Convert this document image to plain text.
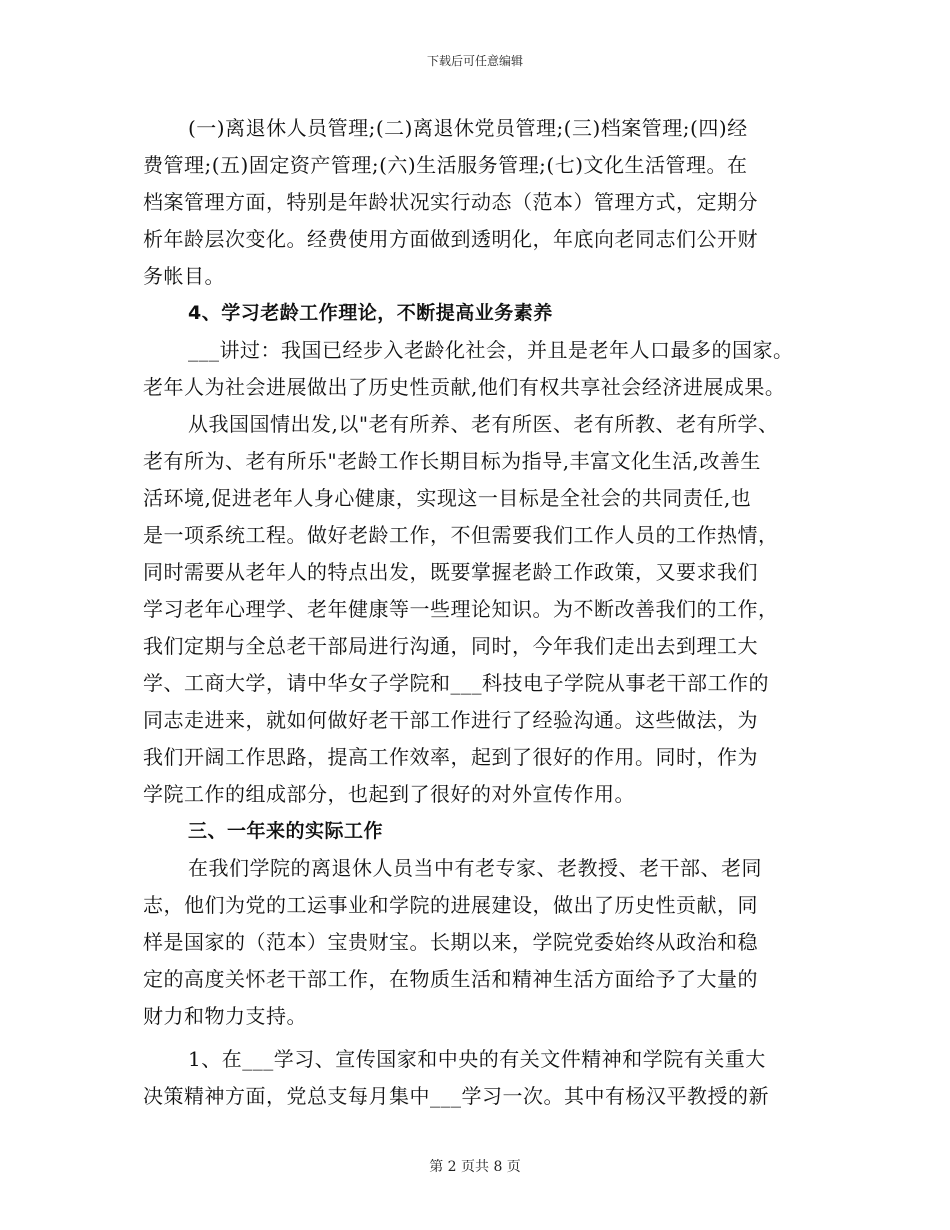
下载后可任意编辑
(一)离退休人员管理;(二)离退休党员管理;(三)档案管理;(四)经
费管理;(五)固定资产管理;(六)生活服务管理;(七)文化生活管理。在
档案管理方面，特别是年龄状况实行动态（范本）管理方式，定期分
析年龄层次变化。经费使用方面做到透明化，年底向老同志们公开财
务帐目。
4、学习老龄工作理论，不断提高业务素养
___讲过：我国已经步入老龄化社会，并且是老年人口最多的国家。
老年人为社会进展做出了历史性贡献,他们有权共享社会经济进展成果。
从我国国情出发,以"老有所养、老有所医、老有所教、老有所学、
老有所为、老有所乐"老龄工作长期目标为指导,丰富文化生活,改善生
活环境,促进老年人身心健康，实现这一目标是全社会的共同责任,也
是一项系统工程。做好老龄工作，不但需要我们工作人员的工作热情，
同时需要从老年人的特点出发，既要掌握老龄工作政策，又要求我们
学习老年心理学、老年健康等一些理论知识。为不断改善我们的工作，
我们定期与全总老干部局进行沟通，同时，今年我们走出去到理工大
学、工商大学，请中华女子学院和___科技电子学院从事老干部工作的
同志走进来，就如何做好老干部工作进行了经验沟通。这些做法，为
我们开阔工作思路，提高工作效率，起到了很好的作用。同时，作为
学院工作的组成部分，也起到了很好的对外宣传作用。
三、一年来的实际工作
在我们学院的离退休人员当中有老专家、老教授、老干部、老同
志，他们为党的工运事业和学院的进展建设，做出了历史性贡献，同
样是国家的（范本）宝贵财宝。长期以来，学院党委始终从政治和稳
定的高度关怀老干部工作，在物质生活和精神生活方面给予了大量的
财力和物力支持。
1、在___学习、宣传国家和中央的有关文件精神和学院有关重大
决策精神方面，党总支每月集中___学习一次。其中有杨汉平教授的新
第 2 页共 8 页
